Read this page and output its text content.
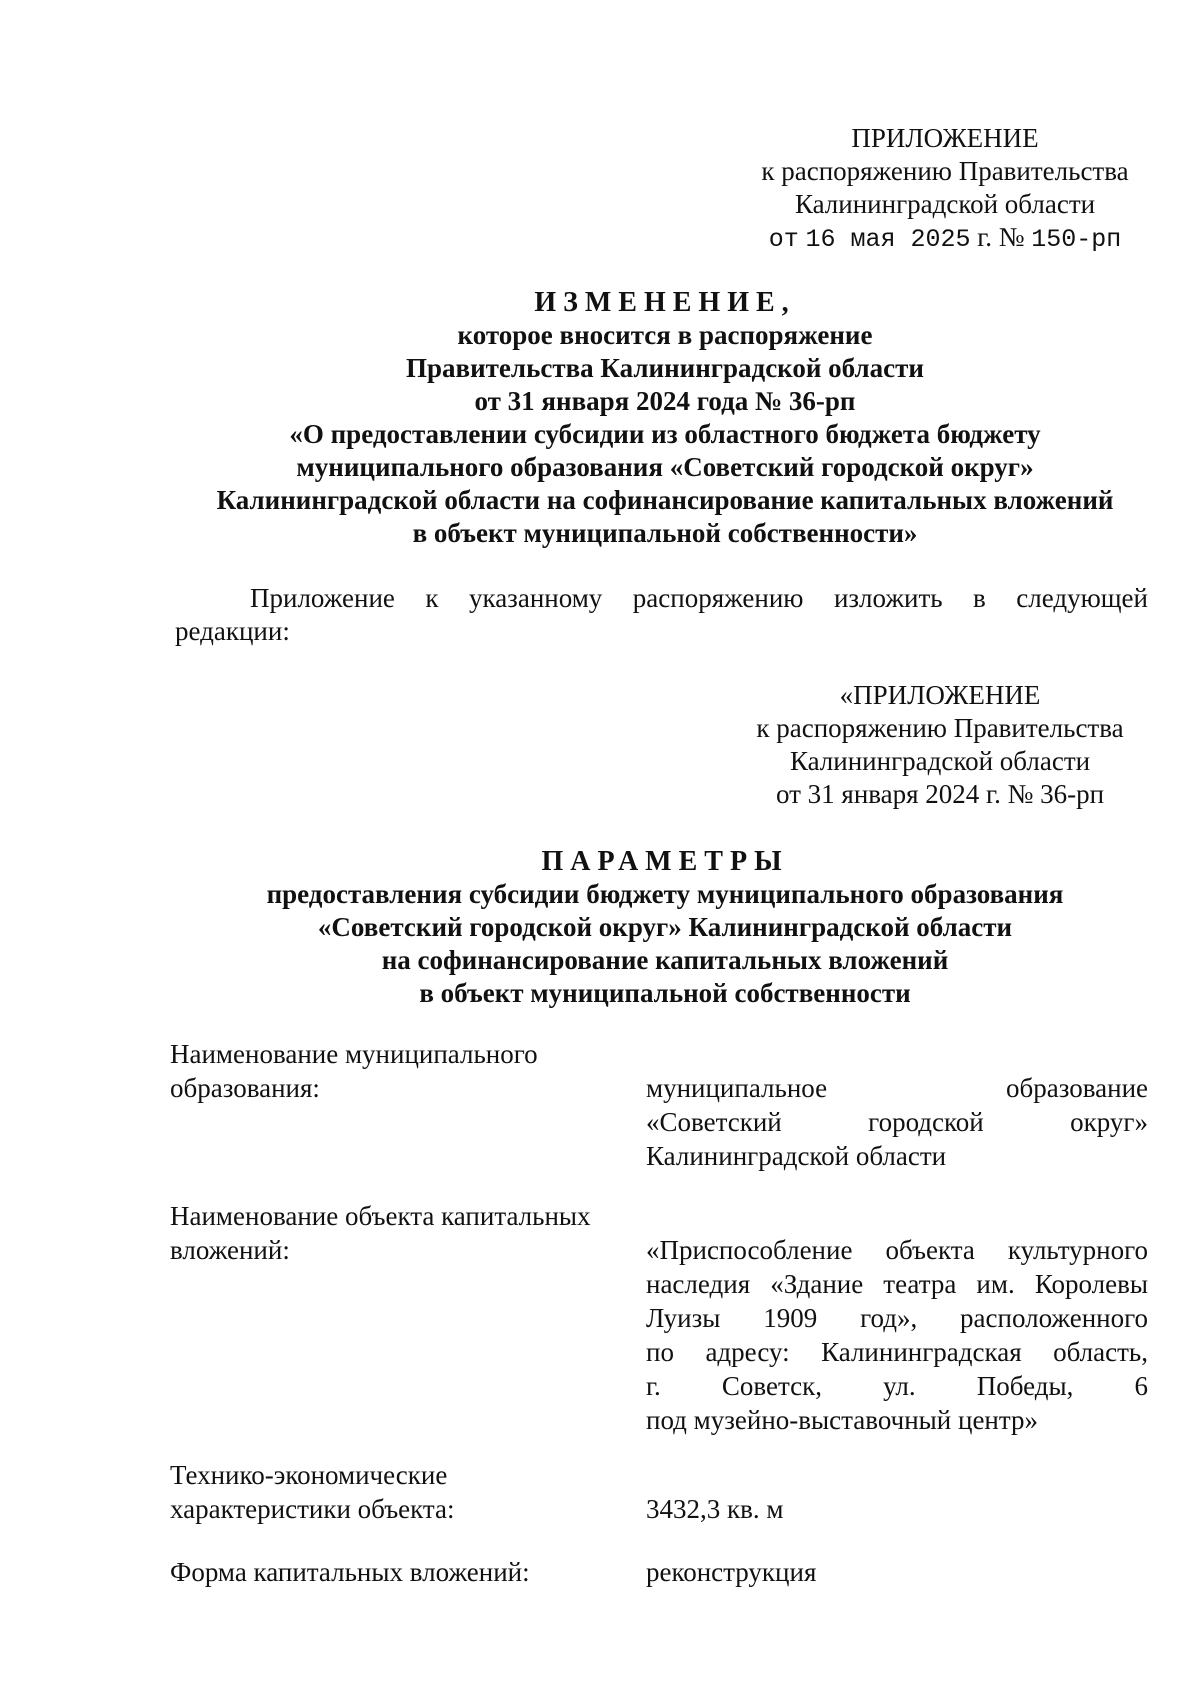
ПРИЛОЖЕНИЕ
к распоряжению Правительства
Калининградской области
от 16 мая 2025 г. № 150-рп
ИЗМЕНЕНИЕ,
которое вносится в распоряжение
Правительства Калининградской области
от 31 января 2024 года № 36-рп
«О предоставлении субсидии из областного бюджета бюджету
муниципального образования «Советский городской округ»
Калининградской области на софинансирование капитальных вложений
в объект муниципальной собственности»
Приложение к указанному распоряжению изложить в следующей
редакции:
«ПРИЛОЖЕНИЕ
к распоряжению Правительства
Калининградской области
от 31 января 2024 г. № 36-рп
ПАРАМЕТРЫ
предоставления субсидии бюджету муниципального образования
«Советский городской округ» Калининградской области
на софинансирование капитальных вложений
в объект муниципальной собственности
Наименование муниципального
образования:	муниципальное образование
«Советский городской округ»
Калининградской области
Наименование объекта капитальных
вложений:	«Приспособление объекта культурного
наследия «Здание театра им. Королевы
Луизы 1909 год», расположенного
по адресу: Калининградская область,
г. Советск, ул. Победы, 6
под музейно-выставочный центр»
Технико-экономические
характеристики объекта:	3432,3 кв. м
Форма капитальных вложений:	реконструкция
